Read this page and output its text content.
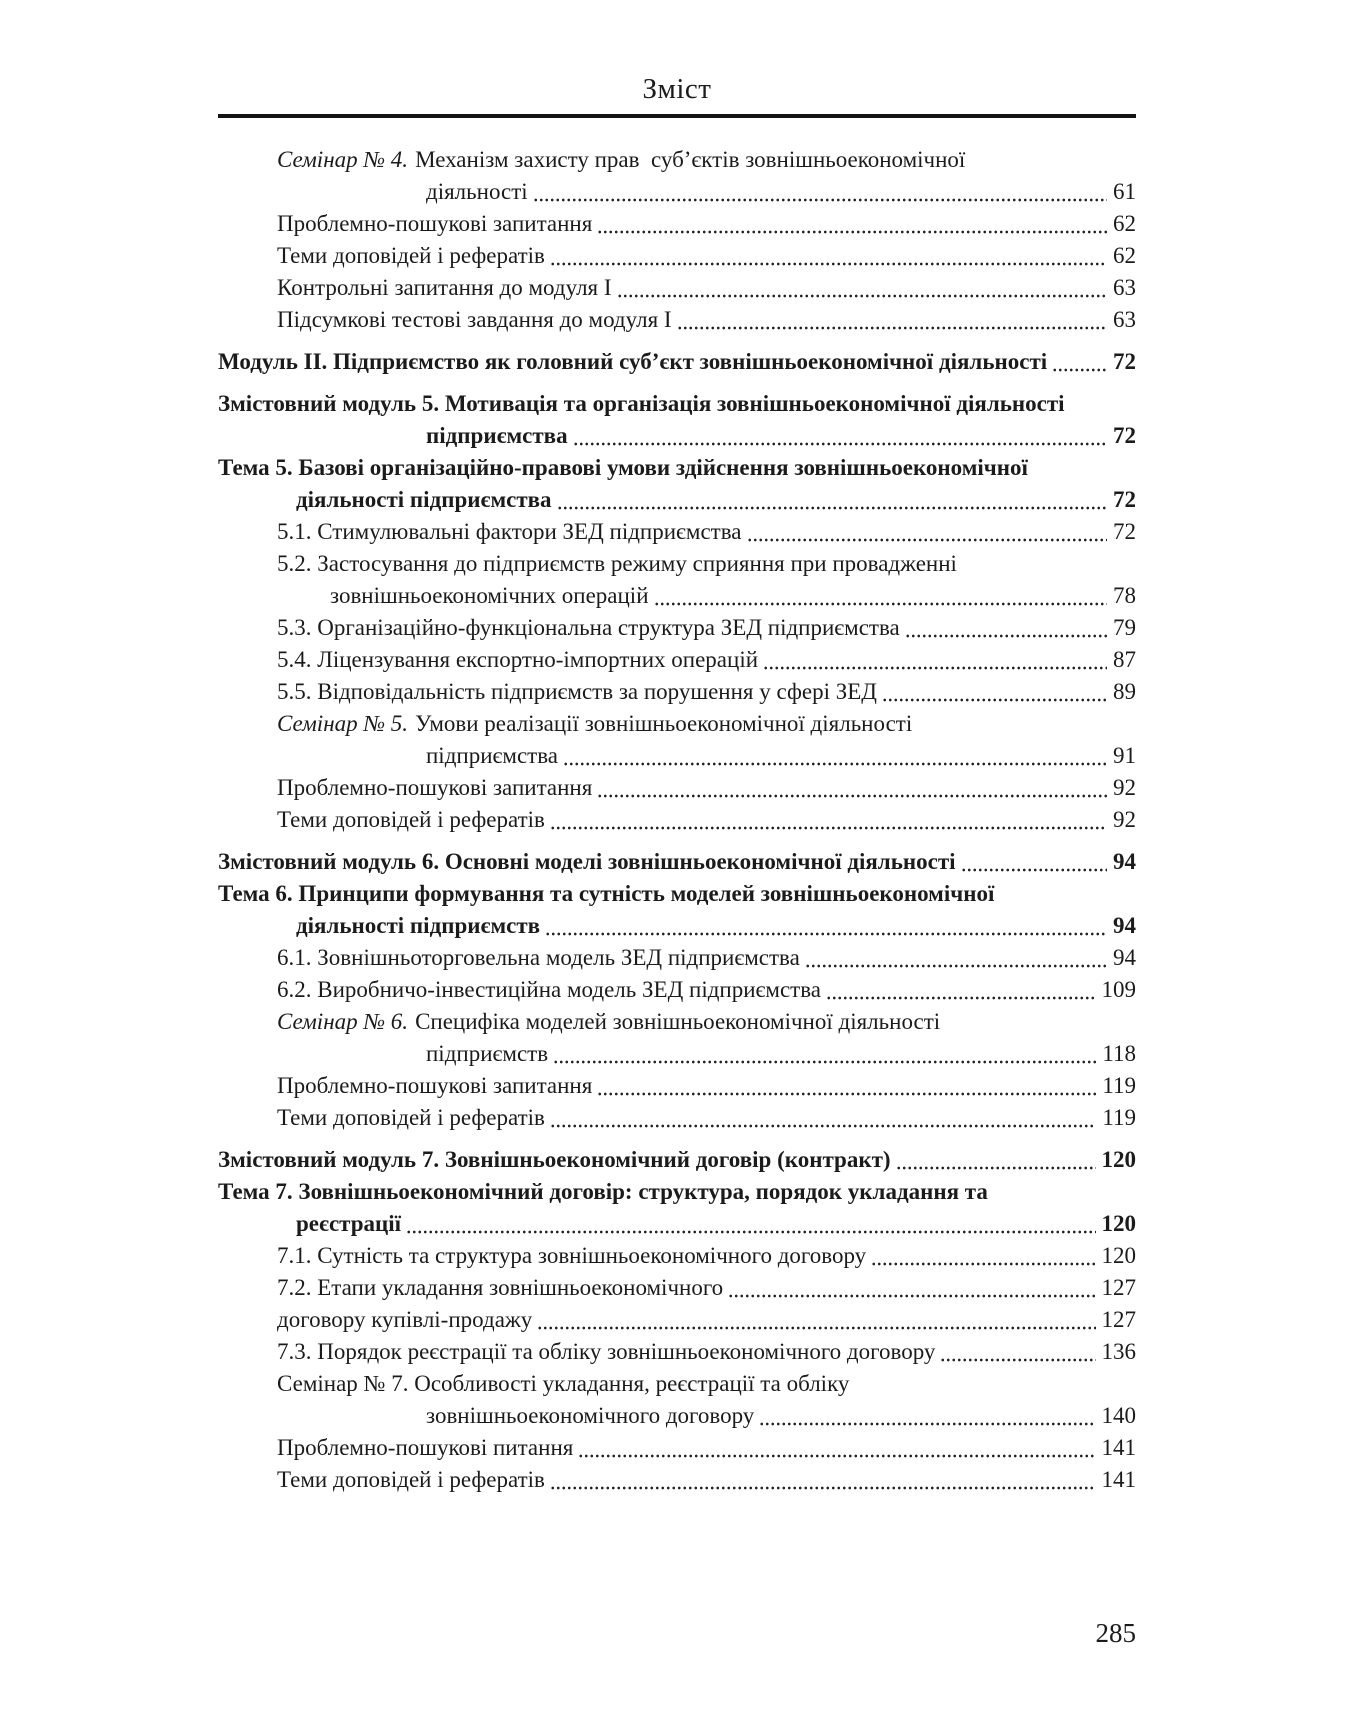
Зміст
Семінар № 4. Механізм захисту прав  суб’єктів зовнішньоекономічної
діяльності	61
Проблемно-пошукові запитання	62
Теми доповідей і рефератів	62
Контрольні запитання до модуля I	63
Підсумкові тестові завдання до модуля I	63
Модуль II. Підприємство як головний суб’єкт зовнішньоекономічної діяльності	72
Змістовний модуль 5. Мотивація та організація зовнішньоекономічної діяльності
підприємства	72
Тема 5. Базові організаційно-правові умови здійснення зовнішньоекономічної
діяльності підприємства	72
5.1. Стимулювальні фактори ЗЕД підприємства	72
5.2. Застосування до підприємств режиму сприяння при провадженні
зовнішньоекономічних операцій	78
5.3. Організаційно-функціональна структура ЗЕД підприємства	79
5.4. Ліцензування експортно-імпортних операцій	87
5.5. Відповідальність підприємств за порушення у сфері ЗЕД	89
Семінар № 5. Умови реалізації зовнішньоекономічної діяльності
підприємства	91
Проблемно-пошукові запитання	92
Теми доповідей і рефератів	92
Змістовний модуль 6. Основні моделі зовнішньоекономічної діяльності	94
Тема 6. Принципи формування та сутність моделей зовнішньоекономічної
діяльності підприємств	94
6.1. Зовнішньоторговельна модель ЗЕД підприємства	94
6.2. Виробничо-інвестиційна модель ЗЕД підприємства	109
Семінар № 6. Специфіка моделей зовнішньоекономічної діяльності
підприємств	118
Проблемно-пошукові запитання	119
Теми доповідей і рефератів	119
Змістовний модуль 7. Зовнішньоекономічний договір (контракт)	120
Тема 7. Зовнішньоекономічний договір: структура, порядок укладання та
реєстрації	120
7.1. Сутність та структура зовнішньоекономічного договору	120
7.2. Етапи укладання зовнішньоекономічного	127
договору купівлі-продажу	127
7.3. Порядок реєстрації та обліку зовнішньоекономічного договору	136
Семінар № 7. Особливості укладання, реєстрації та обліку
зовнішньоекономічного договору	140
Проблемно-пошукові питання	141
Теми доповідей і рефератів	141
285
